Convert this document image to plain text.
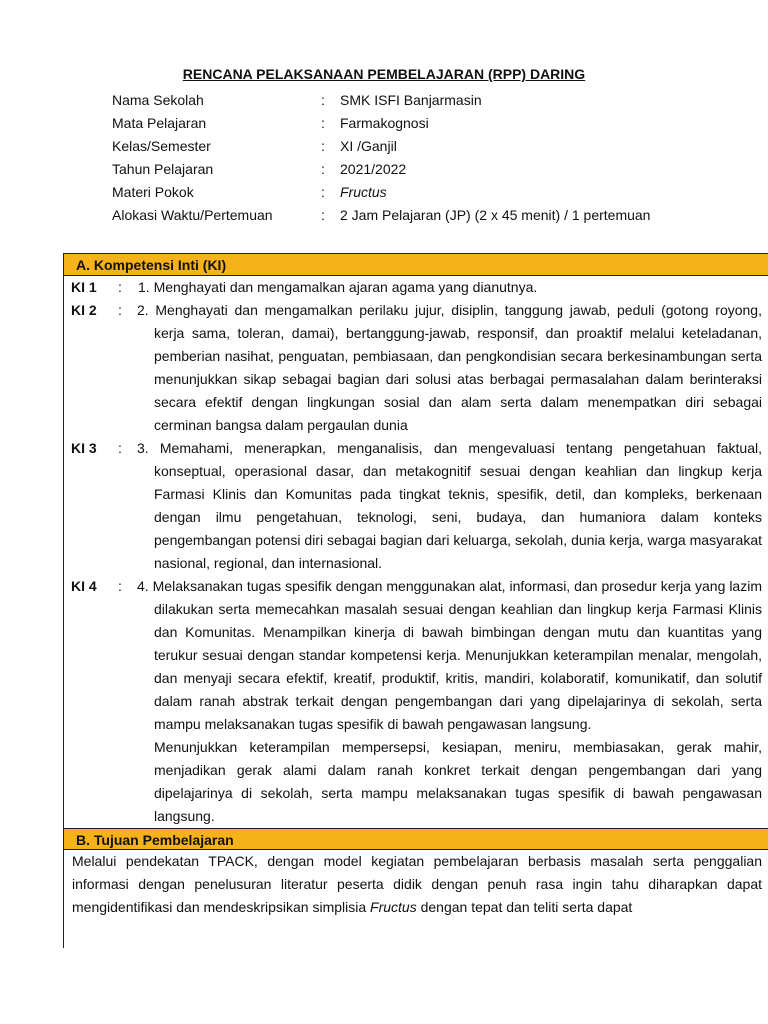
RENCANA PELAKSANAAN PEMBELAJARAN (RPP) DARING
Nama Sekolah	: SMK ISFI Banjarmasin
Mata Pelajaran	: Farmakognosi
Kelas/Semester	: XI /Ganjil
Tahun Pelajaran	: 2021/2022
Materi Pokok	: Fructus
Alokasi Waktu/Pertemuan	: 2 Jam Pelajaran (JP) (2 x 45 menit) / 1 pertemuan
A. Kompetensi Inti (KI)
KI 1 : 1. Menghayati dan mengamalkan ajaran agama yang dianutnya.
KI 2 : 2. Menghayati dan mengamalkan perilaku jujur, disiplin, tanggung jawab, peduli (gotong royong, kerja sama, toleran, damai), bertanggung-jawab, responsif, dan proaktif melalui keteladanan, pemberian nasihat, penguatan, pembiasaan, dan pengkondisian secara berkesinambungan serta menunjukkan sikap sebagai bagian dari solusi atas berbagai permasalahan dalam berinteraksi secara efektif dengan lingkungan sosial dan alam serta dalam menempatkan diri sebagai cerminan bangsa dalam pergaulan dunia
KI 3 : 3. Memahami, menerapkan, menganalisis, dan mengevaluasi tentang pengetahuan faktual, konseptual, operasional dasar, dan metakognitif sesuai dengan keahlian dan lingkup kerja Farmasi Klinis dan Komunitas pada tingkat teknis, spesifik, detil, dan kompleks, berkenaan dengan ilmu pengetahuan, teknologi, seni, budaya, dan humaniora dalam konteks pengembangan potensi diri sebagai bagian dari keluarga, sekolah, dunia kerja, warga masyarakat nasional, regional, dan internasional.
KI 4 : 4. Melaksanakan tugas spesifik dengan menggunakan alat, informasi, dan prosedur kerja yang lazim dilakukan serta memecahkan masalah sesuai dengan keahlian dan lingkup kerja Farmasi Klinis dan Komunitas. Menampilkan kinerja di bawah bimbingan dengan mutu dan kuantitas yang terukur sesuai dengan standar kompetensi kerja. Menunjukkan keterampilan menalar, mengolah, dan menyaji secara efektif, kreatif, produktif, kritis, mandiri, kolaboratif, komunikatif, dan solutif dalam ranah abstrak terkait dengan pengembangan dari yang dipelajarinya di sekolah, serta mampu melaksanakan tugas spesifik di bawah pengawasan langsung.
Menunjukkan keterampilan mempersepsi, kesiapan, meniru, membiasakan, gerak mahir, menjadikan gerak alami dalam ranah konkret terkait dengan pengembangan dari yang dipelajarinya di sekolah, serta mampu melaksanakan tugas spesifik di bawah pengawasan langsung.
B. Tujuan Pembelajaran
Melalui pendekatan TPACK, dengan model kegiatan pembelajaran berbasis masalah serta penggalian informasi dengan penelusuran literatur peserta didik dengan penuh rasa ingin tahu diharapkan dapat mengidentifikasi dan mendeskripsikan simplisia Fructus dengan tepat dan teliti serta dapat
